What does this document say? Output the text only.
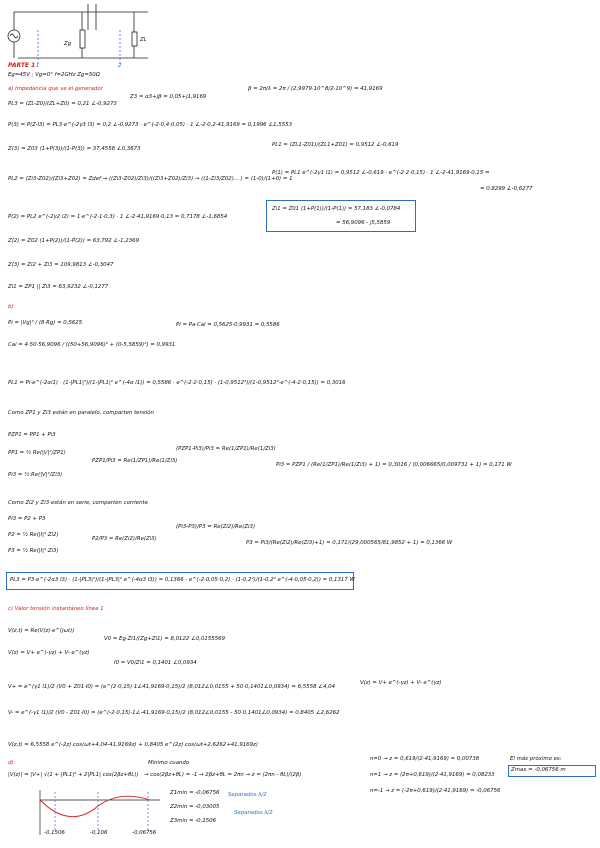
Zg
ZL
1	2
PARTE 1
Eg=45V ; Vg=0° f=2GHz Zg=50Ω
a) Impedancia que ve el generador
PL3 = (ZL-Z0)/(ZL+Z0) = 0,21 ∠-0,9273
Z3 = α3+jβ = 0,05+j1,9169
β = 2π/λ = 2π / (2,9979·10^8/2·10^9) = 41,9169
P(3) = P(Z-l3) = PL3·e^(-2γ3 l3) = 0,2 ∠-0,9273 · e^(-2·0,4·0,05) · 1 ∠-2·0,2·41,9169 = 0,1996 ∠1,5553
Z(3) = Z03 (1+P(3))/(1-P(3)) = 37,4558 ∠0,3673
PL2 = (Zi3-Z02)/(Zi3+Z02) = Zdef → ((Zi3-Z02)/Zi3)/((Zi3+Z02)/Zi3) → ((1-Zi3/Z02)... ) = (1-0)/(1+0) = 1
P(2) = PL2 e^(-2γ2 l2) = 1·e^(-2·1·0,3) · 1 ∠-2·41,9169·0,13 = 0,7178 ∠-1,6854
Z(2) = Z02 (1+P(2))/(1-P(2)) = 63,792 ∠-1,2369
Z(3) = Zi2 + Zi3 = 109,9813 ∠-0,3047
Zi1 = ZP1 || Zi3 = 63,9232 ∠-0,1277
PL1 = (ZL1-Z01)/(ZL1+Z01) = 0,9512 ∠-0,619
P(1) = PL1 e^(-2γ1 l1) = 0,9512 ∠-0,619 · e^(-2·2·0,15) · 1 ∠-2·41,9169·0,15 =
= 0,8299 ∠-0,6277
Zi1 = Z01 (1+P(1))/(1-P(1)) = 57,183 ∠-0,0784
= 56,9096 - j5,5859
b)
Pi = |Vg|² / (8·Rg) = 0,5625
Cai = 4·50·56,9096 / ((50+56,9096)² + (0-5,5859)²) = 0,9931
Pi = Pa·Cai = 0,5625·0,9931 = 0,5586
PL1 = Pi·e^(-2αl1) · (1-|PL1|²)/(1-|PL1|² e^(-4α l1)) = 0,5586 · e^(-2·2·0,15) · (1-0,9512²)/(1-0,9512²·e^(-4·2·0,15)) = 0,3016
Como ZP1 y Zi3 están en paralelo, comparten tensión
PZP1 = PP1 + Pi3
PP1 = ½ Re(|V|²/ZP1)
Pi3 = ½ Re(|V|²/Zi3)
PZP1/Pi3 = Re(1/ZP1)/Re(1/Zi3)
(PZP1-Pi3)/Pi3 = Re(1/ZP1)/Re(1/Zi3)
Pi3 = PZP1 / (Re(1/ZP1)/Re(1/Zi3) + 1) = 0,3016 / (0,006665/0,009731 + 1) = 0,171 W
Como Zi2 y Zi3 están en serie, comparten corriente
Pi3 = P2 + P3
P2 = ½ Re(|I|²·Zi2)
P3 = ½ Re(|I|²·Zi3)
P2/P3 = Re(Zi2)/Re(Zi3)
(Pi3-P3)/P3 = Re(Zi2)/Re(Zi3)
P3 = Pi3/(Re(Zi2)/Re(Zi3)+1) = 0,171/(29,000565/81,9852 + 1) = 0,1366 W
PL3 = P3·e^(-2α3 l3) · (1-|PL3|²)/(1-|PL3|² e^(-4α3 l3)) = 0,1366 · e^(-2·0,05·0,2) · (1-0,2²)/(1-0,2² e^(-4·0,05·0,2)) = 0,1317 W
c) Valor tensión instantáneo línea 1
V(z,t) = Re(V(z)·e^(jωt))
V(z) = V+ e^(-γz) + V- e^(γz)
V0 = Eg·Zi1/(Zg+Zi1) = 8,0122 ∠0,0155569
I0 = V0/Zi1 = 0,1401 ∠0,0934
V+ = e^(γ1 l1)/2 (V0 + Z01·I0) = (e^(2·0,15)·1∠41,9169·0,15)/2 (8,012∠0,0155 + 50·0,1401∠0,0934) = 6,5558 ∠4,04
V- = e^(-γ1 l1)/2 (V0 - Z01·I0) = (e^(-2·0,15)·1∠-41,9169·0,15)/2 (8,012∠0,0155 - 50·0,1401∠0,0934) = 0,8405 ∠2,6262
V(z) = V+ e^(-γz) + V- e^(γz)
V(z,t) = 6,5558 e^(-2z) cos(ωt+4,04-41,9169z) + 0,8405 e^(2z) cos(ωt+2,6262+41,9169z)
d)
|V(z)| = |V+| √(1 + |PL1|² + 2|PL1| cos(2βz+θL))
Mínimo cuando
→ cos(2βz+θL) = -1 → 2βz+θL = 2πn → z = (2πn - θL)/(2β)
n=0 → z = 0,619/(2·41,9169) = 0,00738
n=1 → z = (2π+0,619)/(2·41,9169) = 0,08233
n=-1 → z = (-2π+0,619)/(2·41,9169) = -0,06756
El más próximo es:
Zmax = -0,06756 m
Z1min = -0,06756
Z2min = -0,03005
Z3min = -0,1506
Separados λ/2
Separados λ/2
-0,1506	-0,106	-0,06756
